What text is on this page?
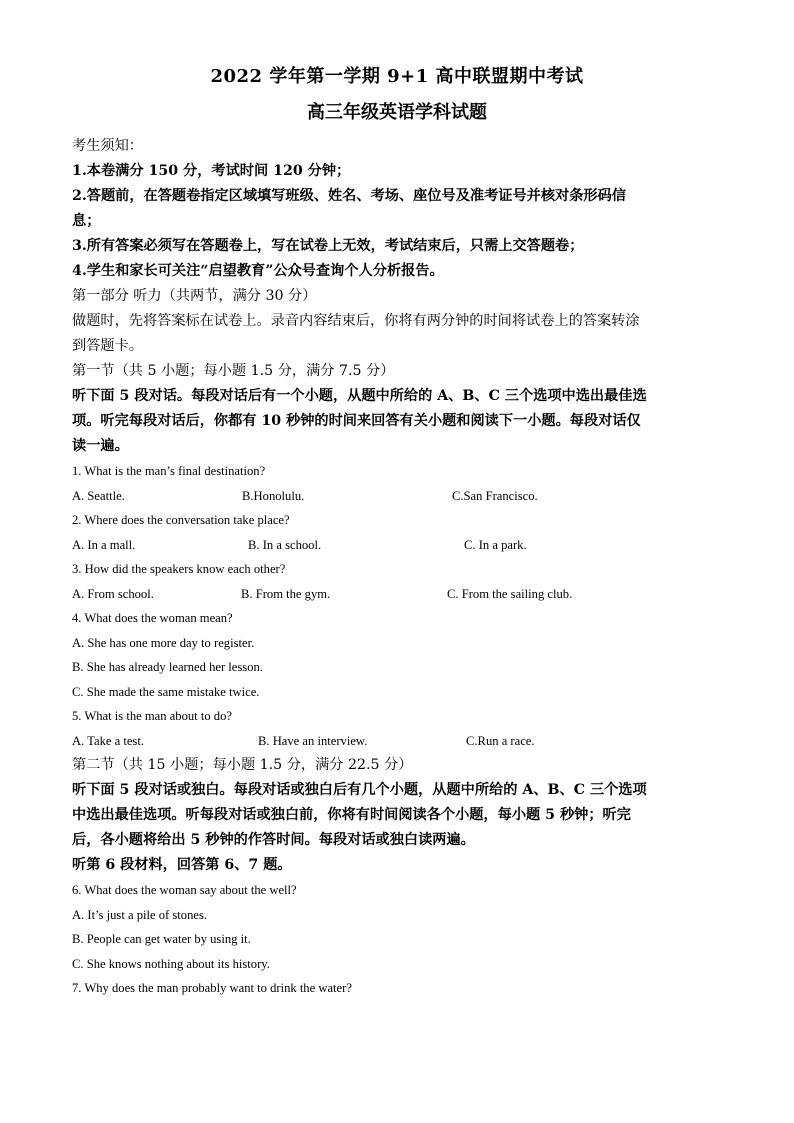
2022 学年第一学期 9+1 高中联盟期中考试
高三年级英语学科试题
考生须知：
1.本卷满分 150 分，考试时间 120 分钟；
2.答题前，在答题卷指定区域填写班级、姓名、考场、座位号及准考证号并核对条形码信
息；
3.所有答案必须写在答题卷上，写在试卷上无效，考试结束后，只需上交答题卷；
4.学生和家长可关注“启望教育”公众号查询个人分析报告。
第一部分 听力（共两节，满分 30 分）
做题时，先将答案标在试卷上。录音内容结束后，你将有两分钟的时间将试卷上的答案转涂
到答题卡。
第一节（共 5 小题；每小题 1.5 分，满分 7.5 分）
听下面 5 段对话。每段对话后有一个小题，从题中所给的 A、B、C 三个选项中选出最佳选
项。听完每段对话后，你都有 10 秒钟的时间来回答有关小题和阅读下一小题。每段对话仅
读一遍。
1. What is the man’s final destination?
A. Seattle.	B.Honolulu.	C.San Francisco.
2. Where does the conversation take place?
A. In a mall.	B. In a school.	C. In a park.
3. How did the speakers know each other?
A. From school.	B. From the gym.	C. From the sailing club.
4. What does the woman mean?
A. She has one more day to register.
B. She has already learned her lesson.
C. She made the same mistake twice.
5. What is the man about to do?
A. Take a test.	B. Have an interview.	C.Run a race.
第二节（共 15 小题；每小题 1.5 分，满分 22.5 分）
听下面 5 段对话或独白。每段对话或独白后有几个小题，从题中所给的 A、B、C 三个选项
中选出最佳选项。听每段对话或独白前，你将有时间阅读各个小题，每小题 5 秒钟；听完
后，各小题将给出 5 秒钟的作答时间。每段对话或独白读两遍。
听第 6 段材料，回答第 6、7 题。
6. What does the woman say about the well?
A. It’s just a pile of stones.
B. People can get water by using it.
C. She knows nothing about its history.
7. Why does the man probably want to drink the water?
